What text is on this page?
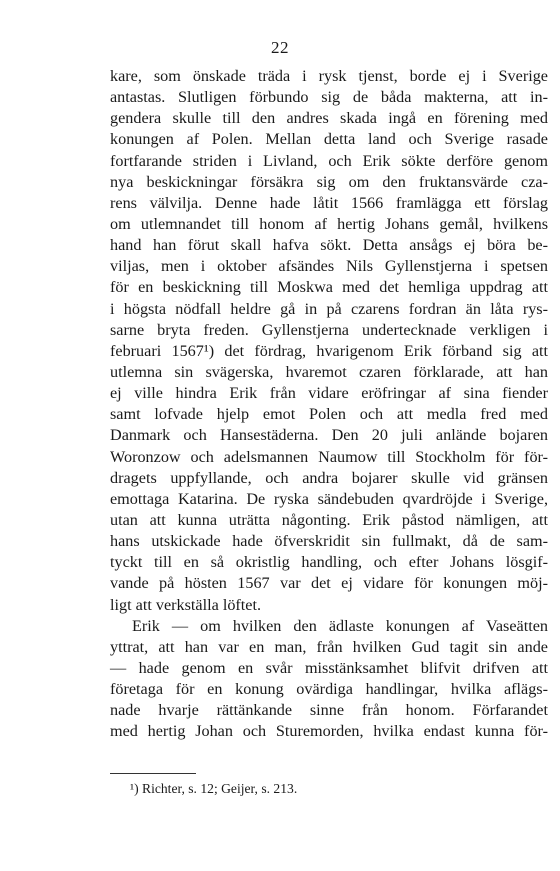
22
kare, som önskade träda i rysk tjenst, borde ej i Sverige
antastas. Slutligen förbundo sig de båda makterna, att in-
gendera skulle till den andres skada ingå en förening med
konungen af Polen. Mellan detta land och Sverige rasade
fortfarande striden i Livland, och Erik sökte derföre genom
nya beskickningar försäkra sig om den fruktansvärde cza-
rens välvilja. Denne hade låtit 1566 framlägga ett förslag
om utlemnandet till honom af hertig Johans gemål, hvilkens
hand han förut skall hafva sökt. Detta ansågs ej böra be-
viljas, men i oktober afsändes Nils Gyllenstjerna i spetsen
för en beskickning till Moskwa med det hemliga uppdrag att
i högsta nödfall heldre gå in på czarens fordran än låta rys-
sarne bryta freden. Gyllenstjerna undertecknade verkligen i
februari 1567¹) det fördrag, hvarigenom Erik förband sig att
utlemna sin svägerska, hvaremot czaren förklarade, att han
ej ville hindra Erik från vidare eröfringar af sina fiender
samt lofvade hjelp emot Polen och att medla fred med
Danmark och Hansestäderna. Den 20 juli anlände bojaren
Woronzow och adelsmannen Naumow till Stockholm för för-
dragets uppfyllande, och andra bojarer skulle vid gränsen
emottaga Katarina. De ryska sändebuden qvardröjde i Sverige,
utan att kunna uträtta någonting. Erik påstod nämligen, att
hans utskickade hade öfverskridit sin fullmakt, då de sam-
tyckt till en så okristlig handling, och efter Johans lösgif-
vande på hösten 1567 var det ej vidare för konungen möj-
ligt att verkställa löftet.
Erik — om hvilken den ädlaste konungen af Vaseätten
yttrat, att han var en man, från hvilken Gud tagit sin ande
— hade genom en svår misstänksamhet blifvit drifven att
företaga för en konung ovärdiga handlingar, hvilka aflägs-
nade hvarje rättänkande sinne från honom. Förfarandet
med hertig Johan och Sturemorden, hvilka endast kunna för-
¹) Richter, s. 12; Geijer, s. 213.
